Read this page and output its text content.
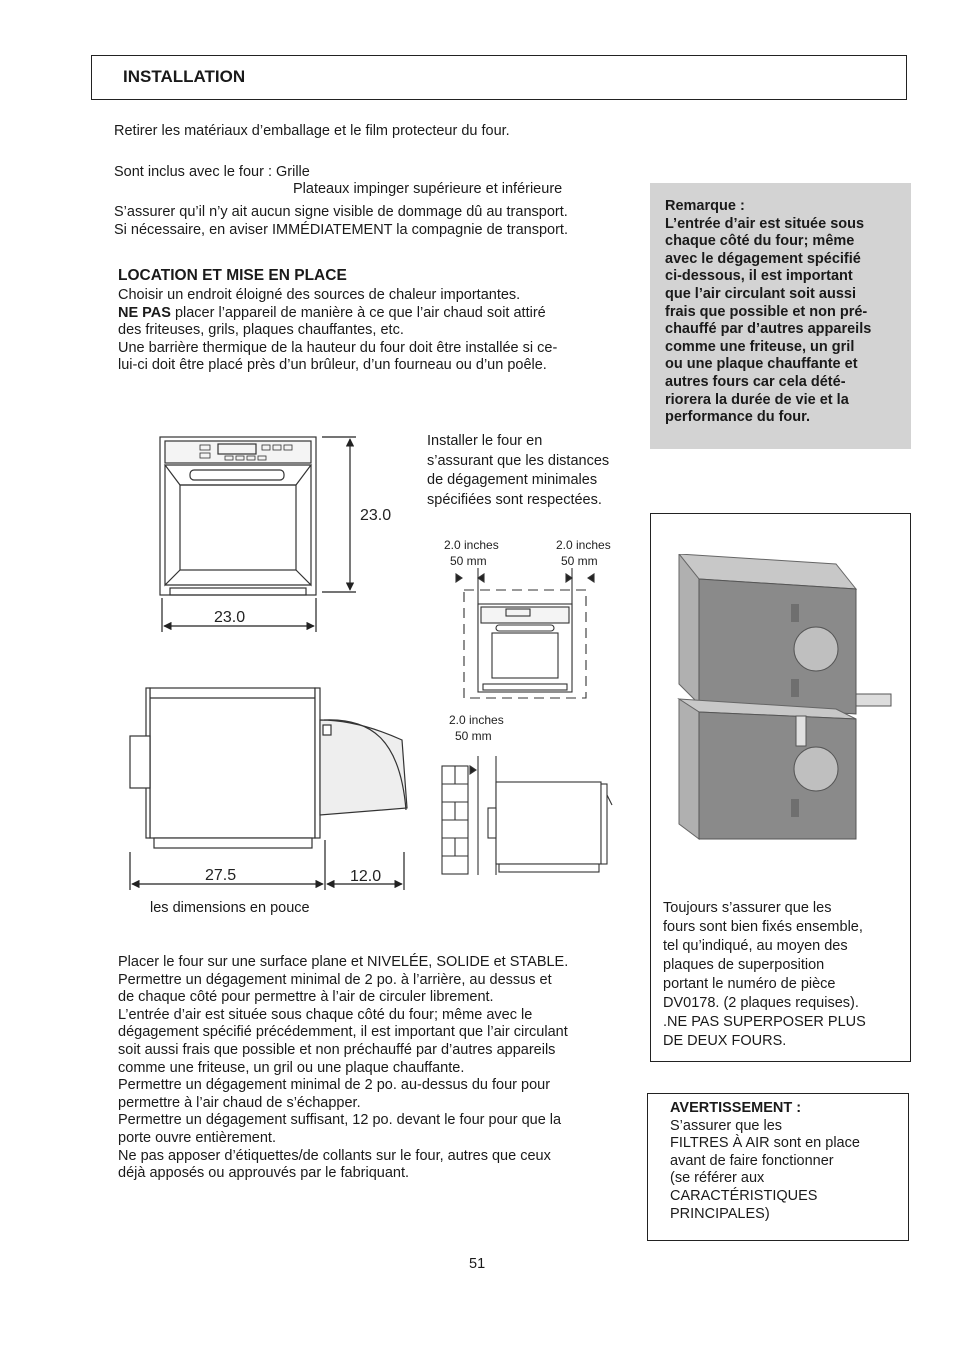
INSTALLATION
Retirer les matériaux d’emballage et le film protecteur du four.
Sont inclus avec le four : Grille
Plateaux impinger supérieure et inférieure
S’assurer qu’il n’y ait aucun signe visible de dommage dû au transport.
Si nécessaire, en aviser IMMÉDIATEMENT la compagnie de transport.
LOCATION ET MISE EN PLACE
Choisir un endroit éloigné des sources de chaleur importantes.
NE PAS placer l’appareil de manière à ce que l’air chaud soit attiré
des friteuses, grils, plaques chauffantes, etc.
Une barrière thermique de la hauteur du four doit être installée si ce-
lui-ci doit être placé près d’un brûleur, d’un fourneau ou d’un poêle.
Remarque :
L’entrée d’air est située sous
chaque côté du four; même
avec le dégagement spécifié
ci-dessous, il est important
que l’air circulant soit aussi
frais que possible et non pré-
chauffé par d’autres appareils
comme une friteuse, un gril
ou une plaque chauffante et
autres fours car cela dété-
riorera la durée de vie et la
performance du four.
Installer le four en
s’assurant que les distances
de dégagement minimales
spécifiées sont respectées.
23.0
23.0
27.5	12.0
2.0 inches
50 mm
2.0 inches
50 mm
2.0 inches
50 mm
les dimensions en pouce	Toujours s’assurer que les
fours sont bien fixés ensemble,
tel qu’indiqué, au moyen des
plaques de superposition
portant le numéro de pièce
DV0178. (2 plaques requises).
.NE PAS SUPERPOSER PLUS
DE DEUX FOURS.
Placer le four sur une surface plane et NIVELÉE, SOLIDE et STABLE.
Permettre un dégagement minimal de 2 po. à l’arrière, au dessus et
de chaque côté pour permettre à l’air de circuler librement.
L’entrée d’air est située sous chaque côté du four; même avec le
dégagement spécifié précédemment, il est important que l’air circulant
soit aussi frais que possible et non préchauffé par d’autres appareils
comme une friteuse, un gril ou une plaque chauffante.
Permettre un dégagement minimal de 2 po. au-dessus du four pour
permettre à l’air chaud de s’échapper.
Permettre un dégagement suffisant, 12 po. devant le four pour que la
porte ouvre entièrement.
Ne pas apposer d’étiquettes/de collants sur le four, autres que ceux
déjà apposés ou approuvés par le fabriquant.
AVERTISSEMENT :
S’assurer que les
FILTRES À AIR sont en place
avant de faire fonctionner
(se référer aux
CARACTÉRISTIQUES
PRINCIPALES)
51
